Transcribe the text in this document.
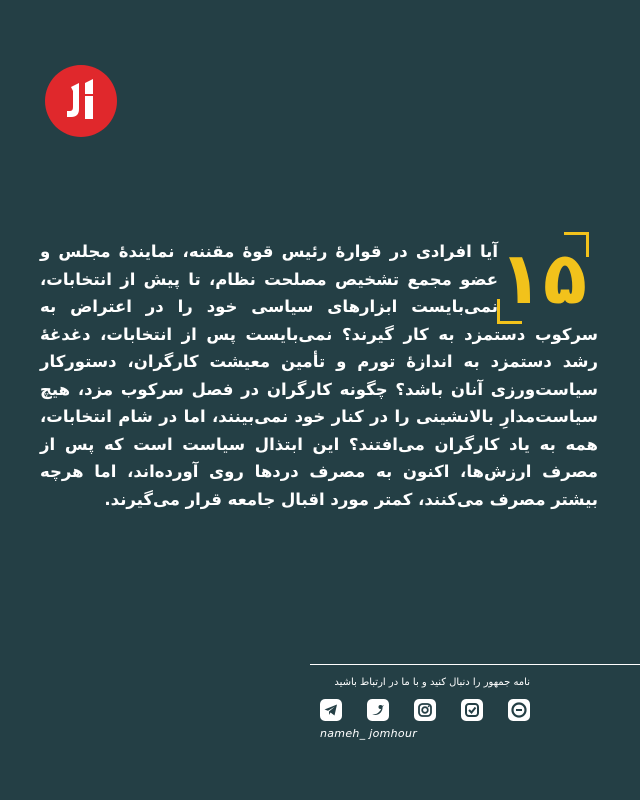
۱۵
آیا افرادی در قوارۀ رئیس قوۀ مقننه، نمایندۀ مجلس و عضو مجمع تشخیص مصلحت نظام، تا پیش از انتخابات، نمی‌بایست ابزارهای سیاسی خود را در اعتراض به سرکوب دستمزد به کار گیرند؟ نمی‌بایست پس از انتخابات، دغدغۀ رشد دستمزد به اندازۀ تورم و تأمین معیشت کارگران، دستورکار سیاست‌ورزی آنان باشد؟ چگونه کارگران در فصل سرکوب مزد، هیچ سیاست‌مدارِ بالانشینی را در کنار خود نمی‌بینند، اما در شام انتخابات، همه به یاد کارگران می‌افتند؟ این ابتذال سیاست است که پس از مصرف ارزش‌ها، اکنون به مصرف دردها روی آورده‌اند، اما هرچه بیشتر مصرف می‌کنند، کمتر مورد اقبال جامعه قرار می‌گیرند.
نامه جمهور را دنبال کنید و با ما در ارتباط باشید
nameh_ jomhour
